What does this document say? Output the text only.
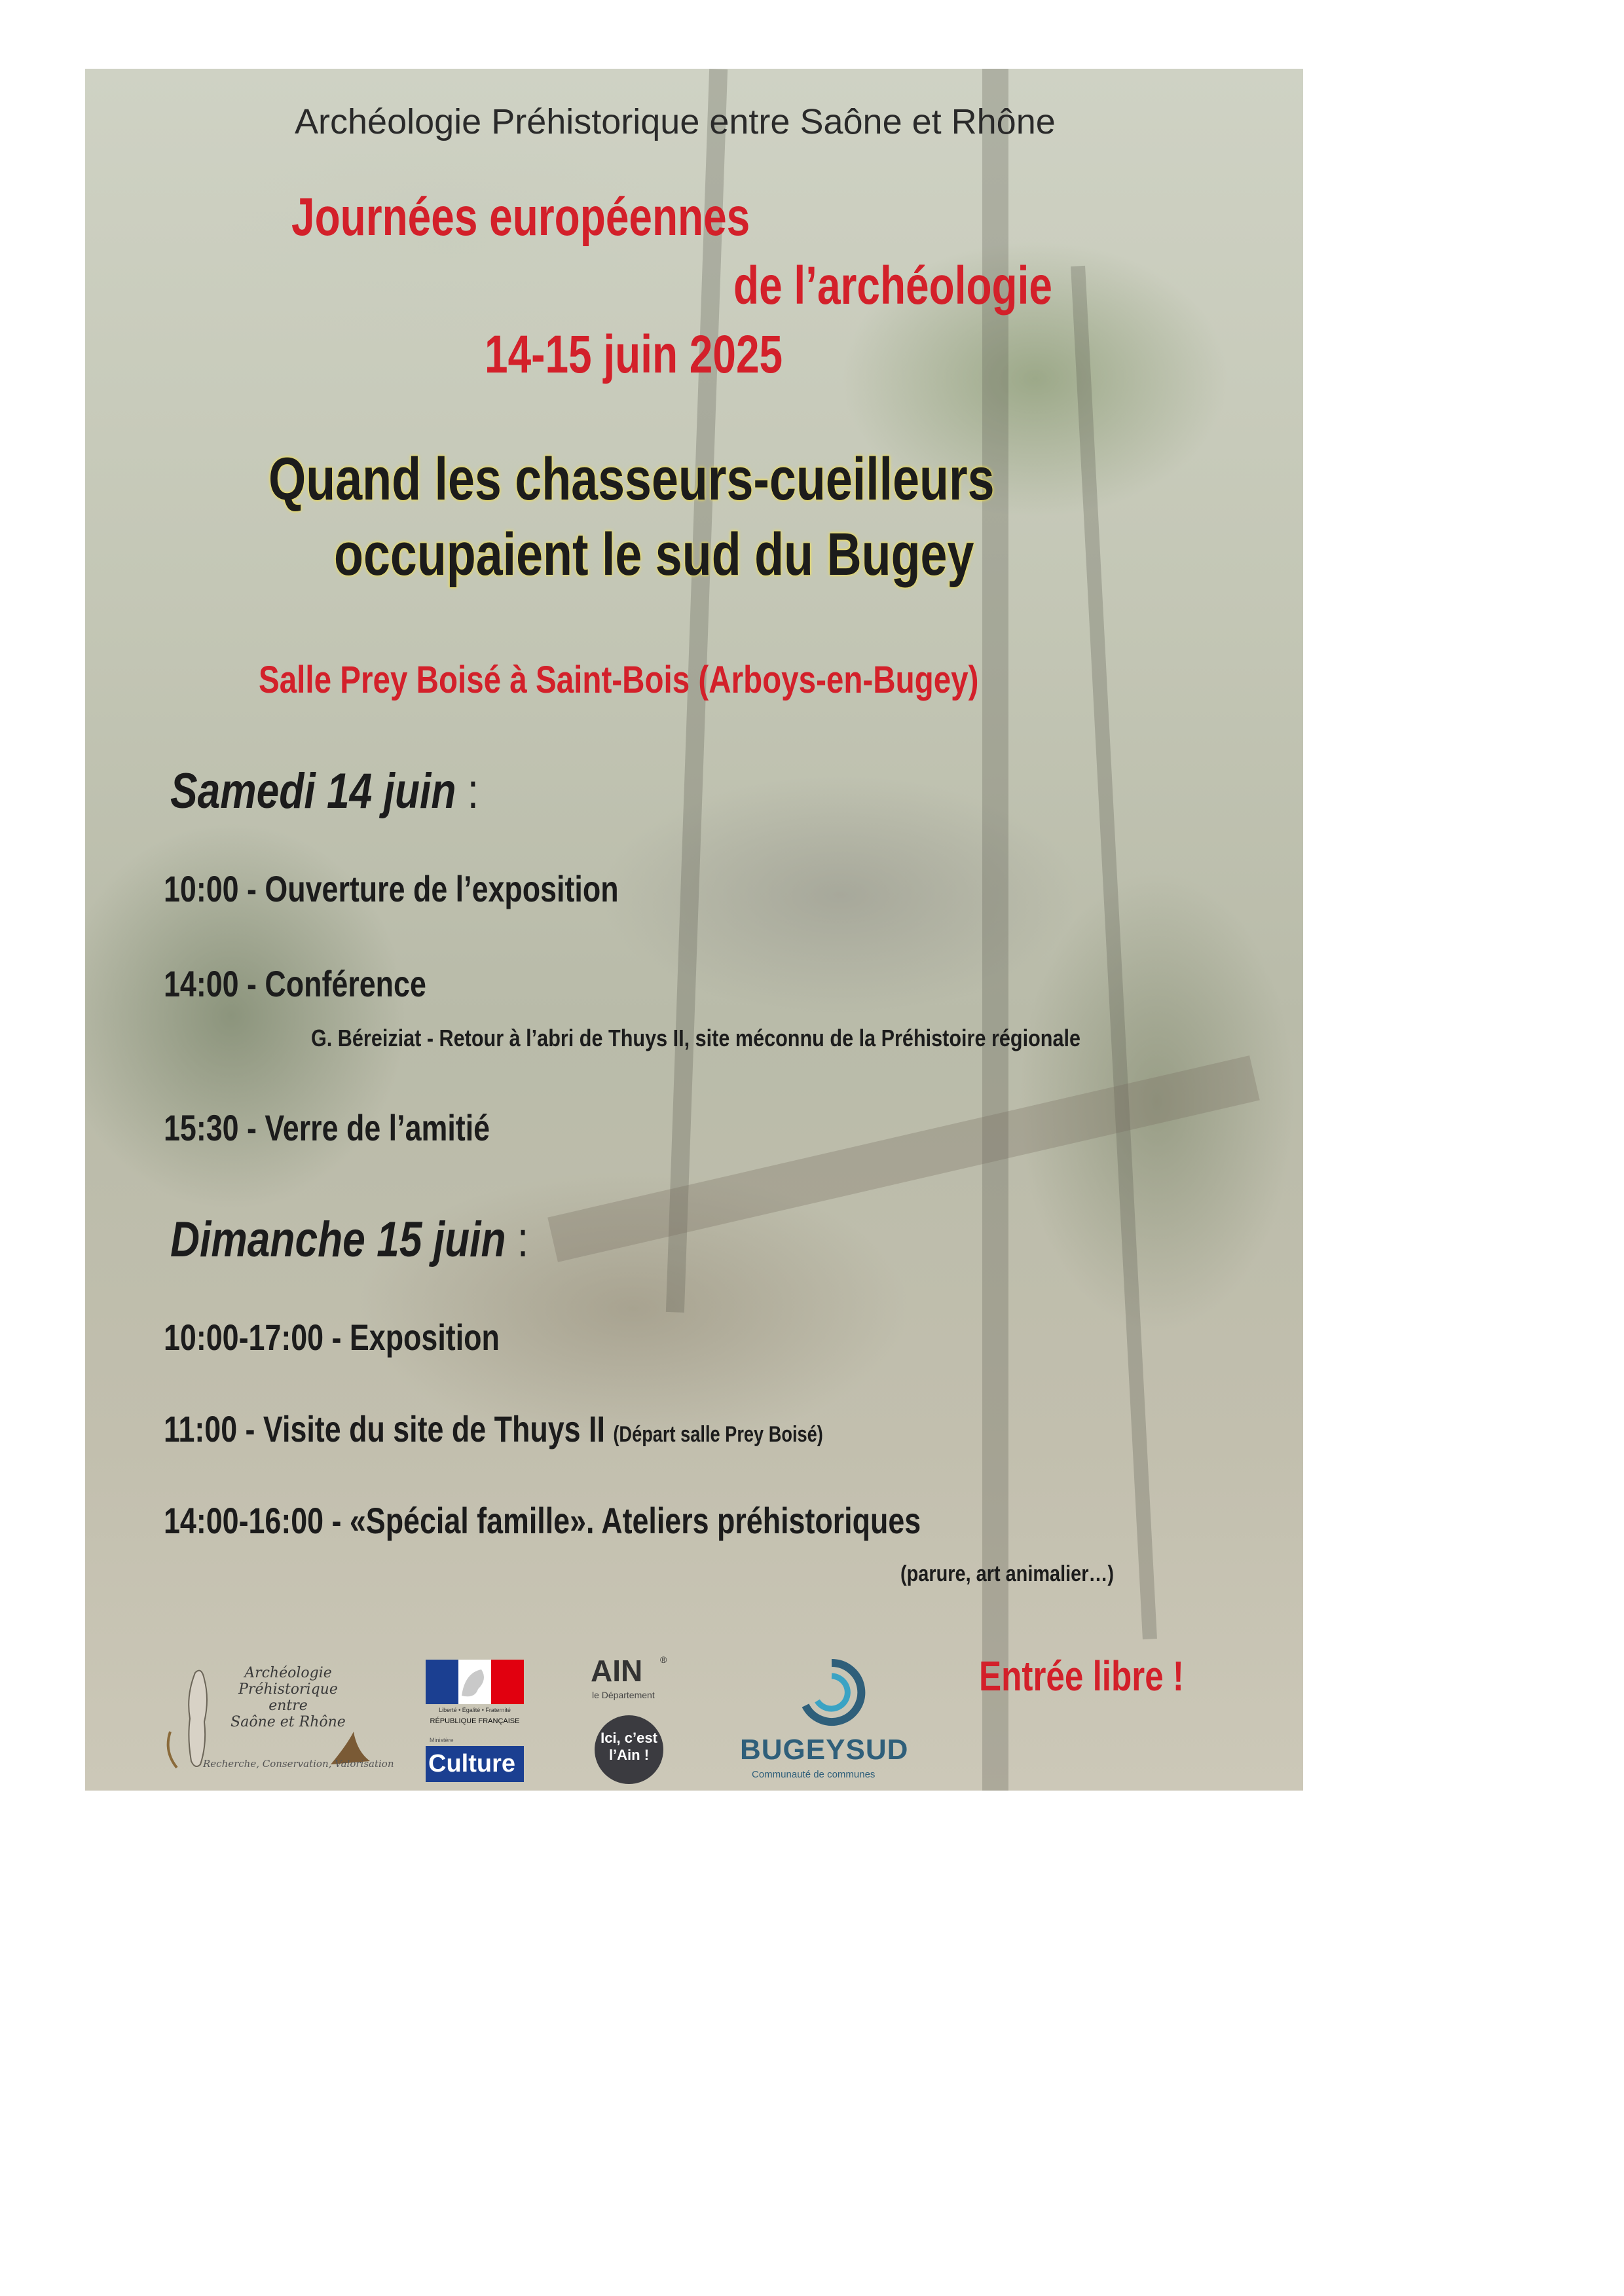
Archéologie Préhistorique entre Saône et Rhône

Journées européennes

de l’archéologie

14-15 juin 2025

Quand les chasseurs-cueilleurs

occupaient le sud du Bugey

Salle Prey Boisé à Saint-Bois (Arboys-en-Bugey)

Samedi 14 juin :

10:00 - Ouverture de l’exposition

14:00 - Conférence

G. Béreiziat - Retour à l’abri de Thuys II, site méconnu de la Préhistoire régionale

15:30 - Verre de l’amitié

Dimanche 15 juin :

10:00-17:00 - Exposition

11:00 - Visite du site de Thuys II (Départ salle Prey Boisé)

14:00-16:00 - «Spécial famille». Ateliers préhistoriques

(parure, art animalier…)

Entrée libre !

Archéologie
Préhistorique
entre
Saône et Rhône
Recherche, Conservation, Valorisation
Liberté • Égalité • Fraternité
RÉPUBLIQUE FRANÇAISE
Ministère
Culture
AIN ®
le Département
Ici, c’est
l’Ain !	BUGEYSUD
Communauté de communes
